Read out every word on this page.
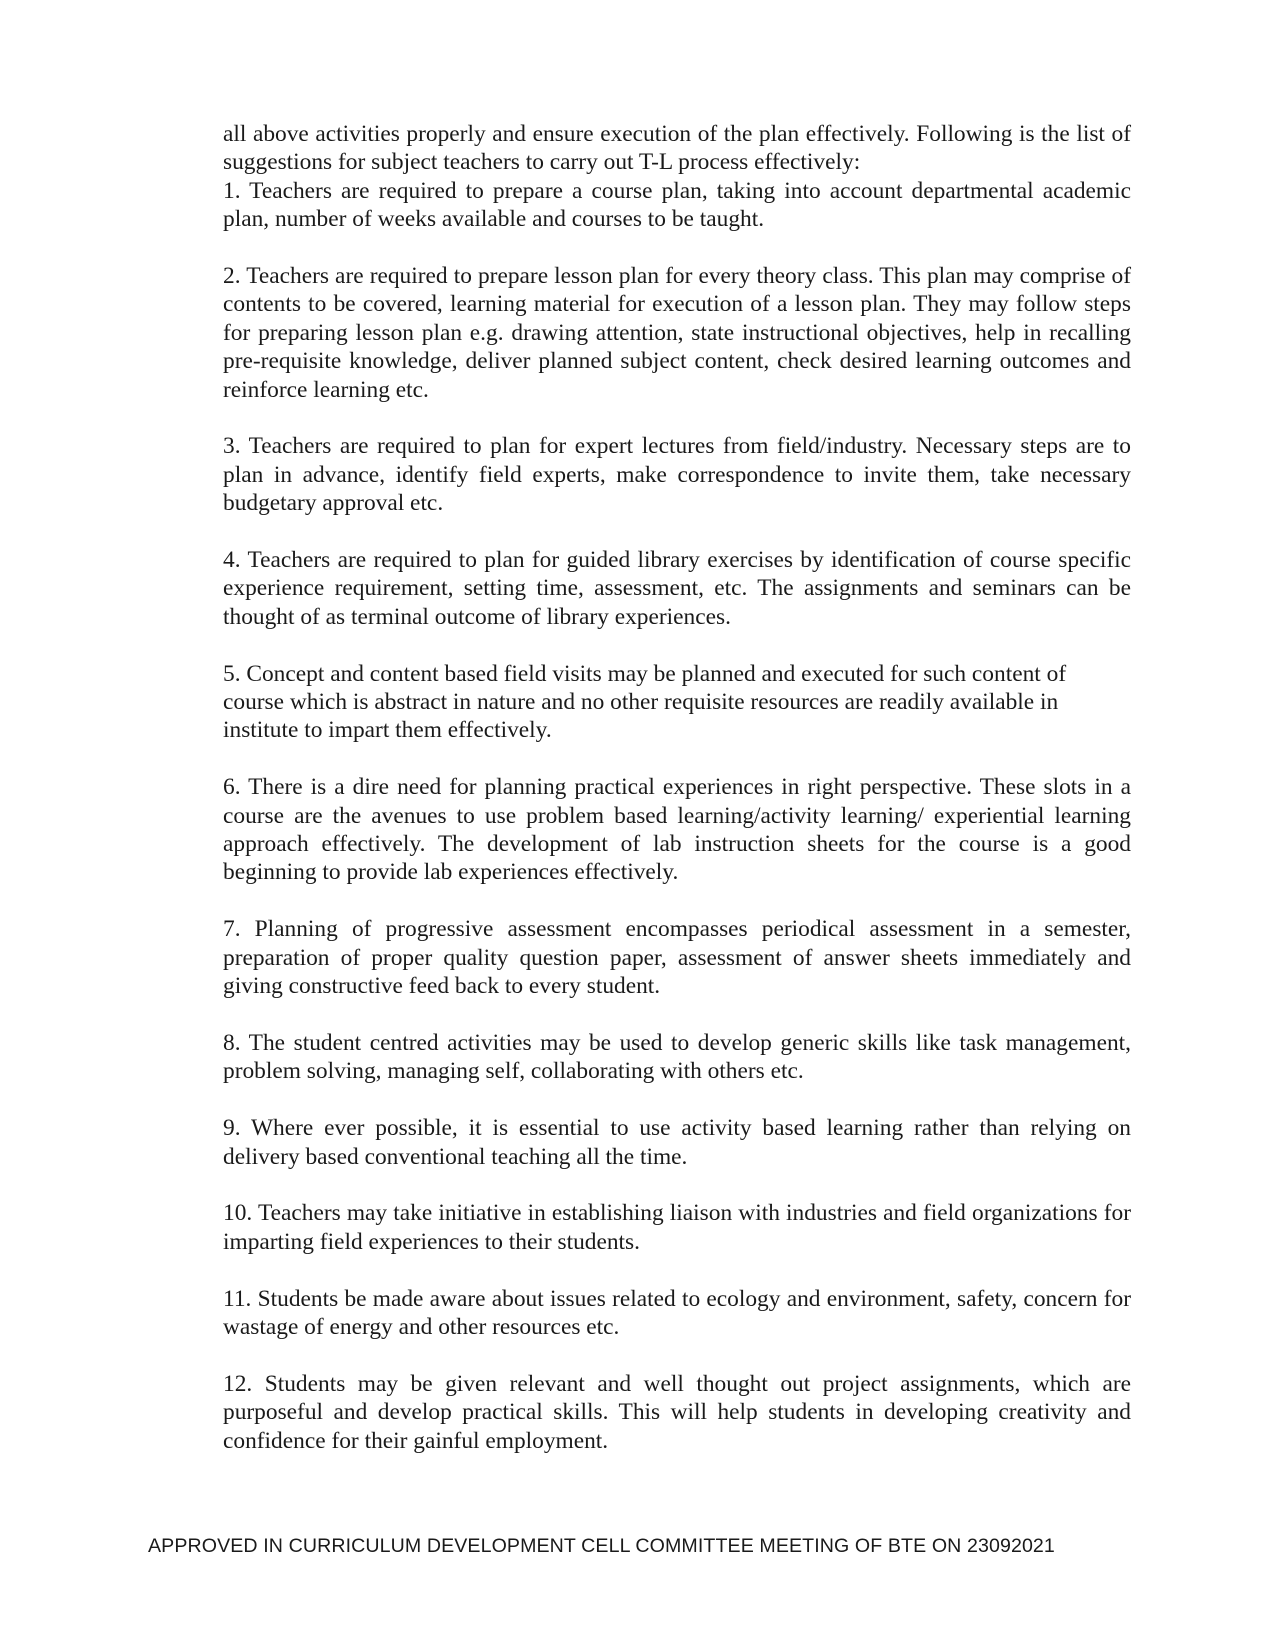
all above activities properly and ensure execution of the plan effectively. Following is the list of suggestions for subject teachers to carry out T-L process effectively:

1. Teachers are required to prepare a course plan, taking into account departmental academic plan, number of weeks available and courses to be taught.

2. Teachers are required to prepare lesson plan for every theory class. This plan may comprise of contents to be covered, learning material for execution of a lesson plan. They may follow steps for preparing lesson plan e.g. drawing attention, state instructional objectives, help in recalling pre-requisite knowledge, deliver planned subject content, check desired learning outcomes and reinforce learning etc.

3. Teachers are required to plan for expert lectures from field/industry. Necessary steps are to plan in advance, identify field experts, make correspondence to invite them, take necessary budgetary approval etc.

4. Teachers are required to plan for guided library exercises by identification of course specific experience requirement, setting time, assessment, etc. The assignments and seminars can be thought of as terminal outcome of library experiences.

5. Concept and content based field visits may be planned and executed for such content of course which is abstract in nature and no other requisite resources are readily available in institute to impart them effectively.

6. There is a dire need for planning practical experiences in right perspective. These slots in a course are the avenues to use problem based learning/activity learning/ experiential learning approach effectively. The development of lab instruction sheets for the course is a good beginning to provide lab experiences effectively.

7. Planning of progressive assessment encompasses periodical assessment in a semester, preparation of proper quality question paper, assessment of answer sheets immediately and giving constructive feed back to every student.

8. The student centred activities may be used to develop generic skills like task management, problem solving, managing self, collaborating with others etc.

9. Where ever possible, it is essential to use activity based learning rather than relying on delivery based conventional teaching all the time.

10. Teachers may take initiative in establishing liaison with industries and field organizations for imparting field experiences to their students.

11. Students be made aware about issues related to ecology and environment, safety, concern for wastage of energy and other resources etc.

12. Students may be given relevant and well thought out project assignments, which are purposeful and develop practical skills. This will help students in developing creativity and confidence for their gainful employment.

APPROVED IN CURRICULUM DEVELOPMENT CELL COMMITTEE MEETING OF BTE ON 23092021
